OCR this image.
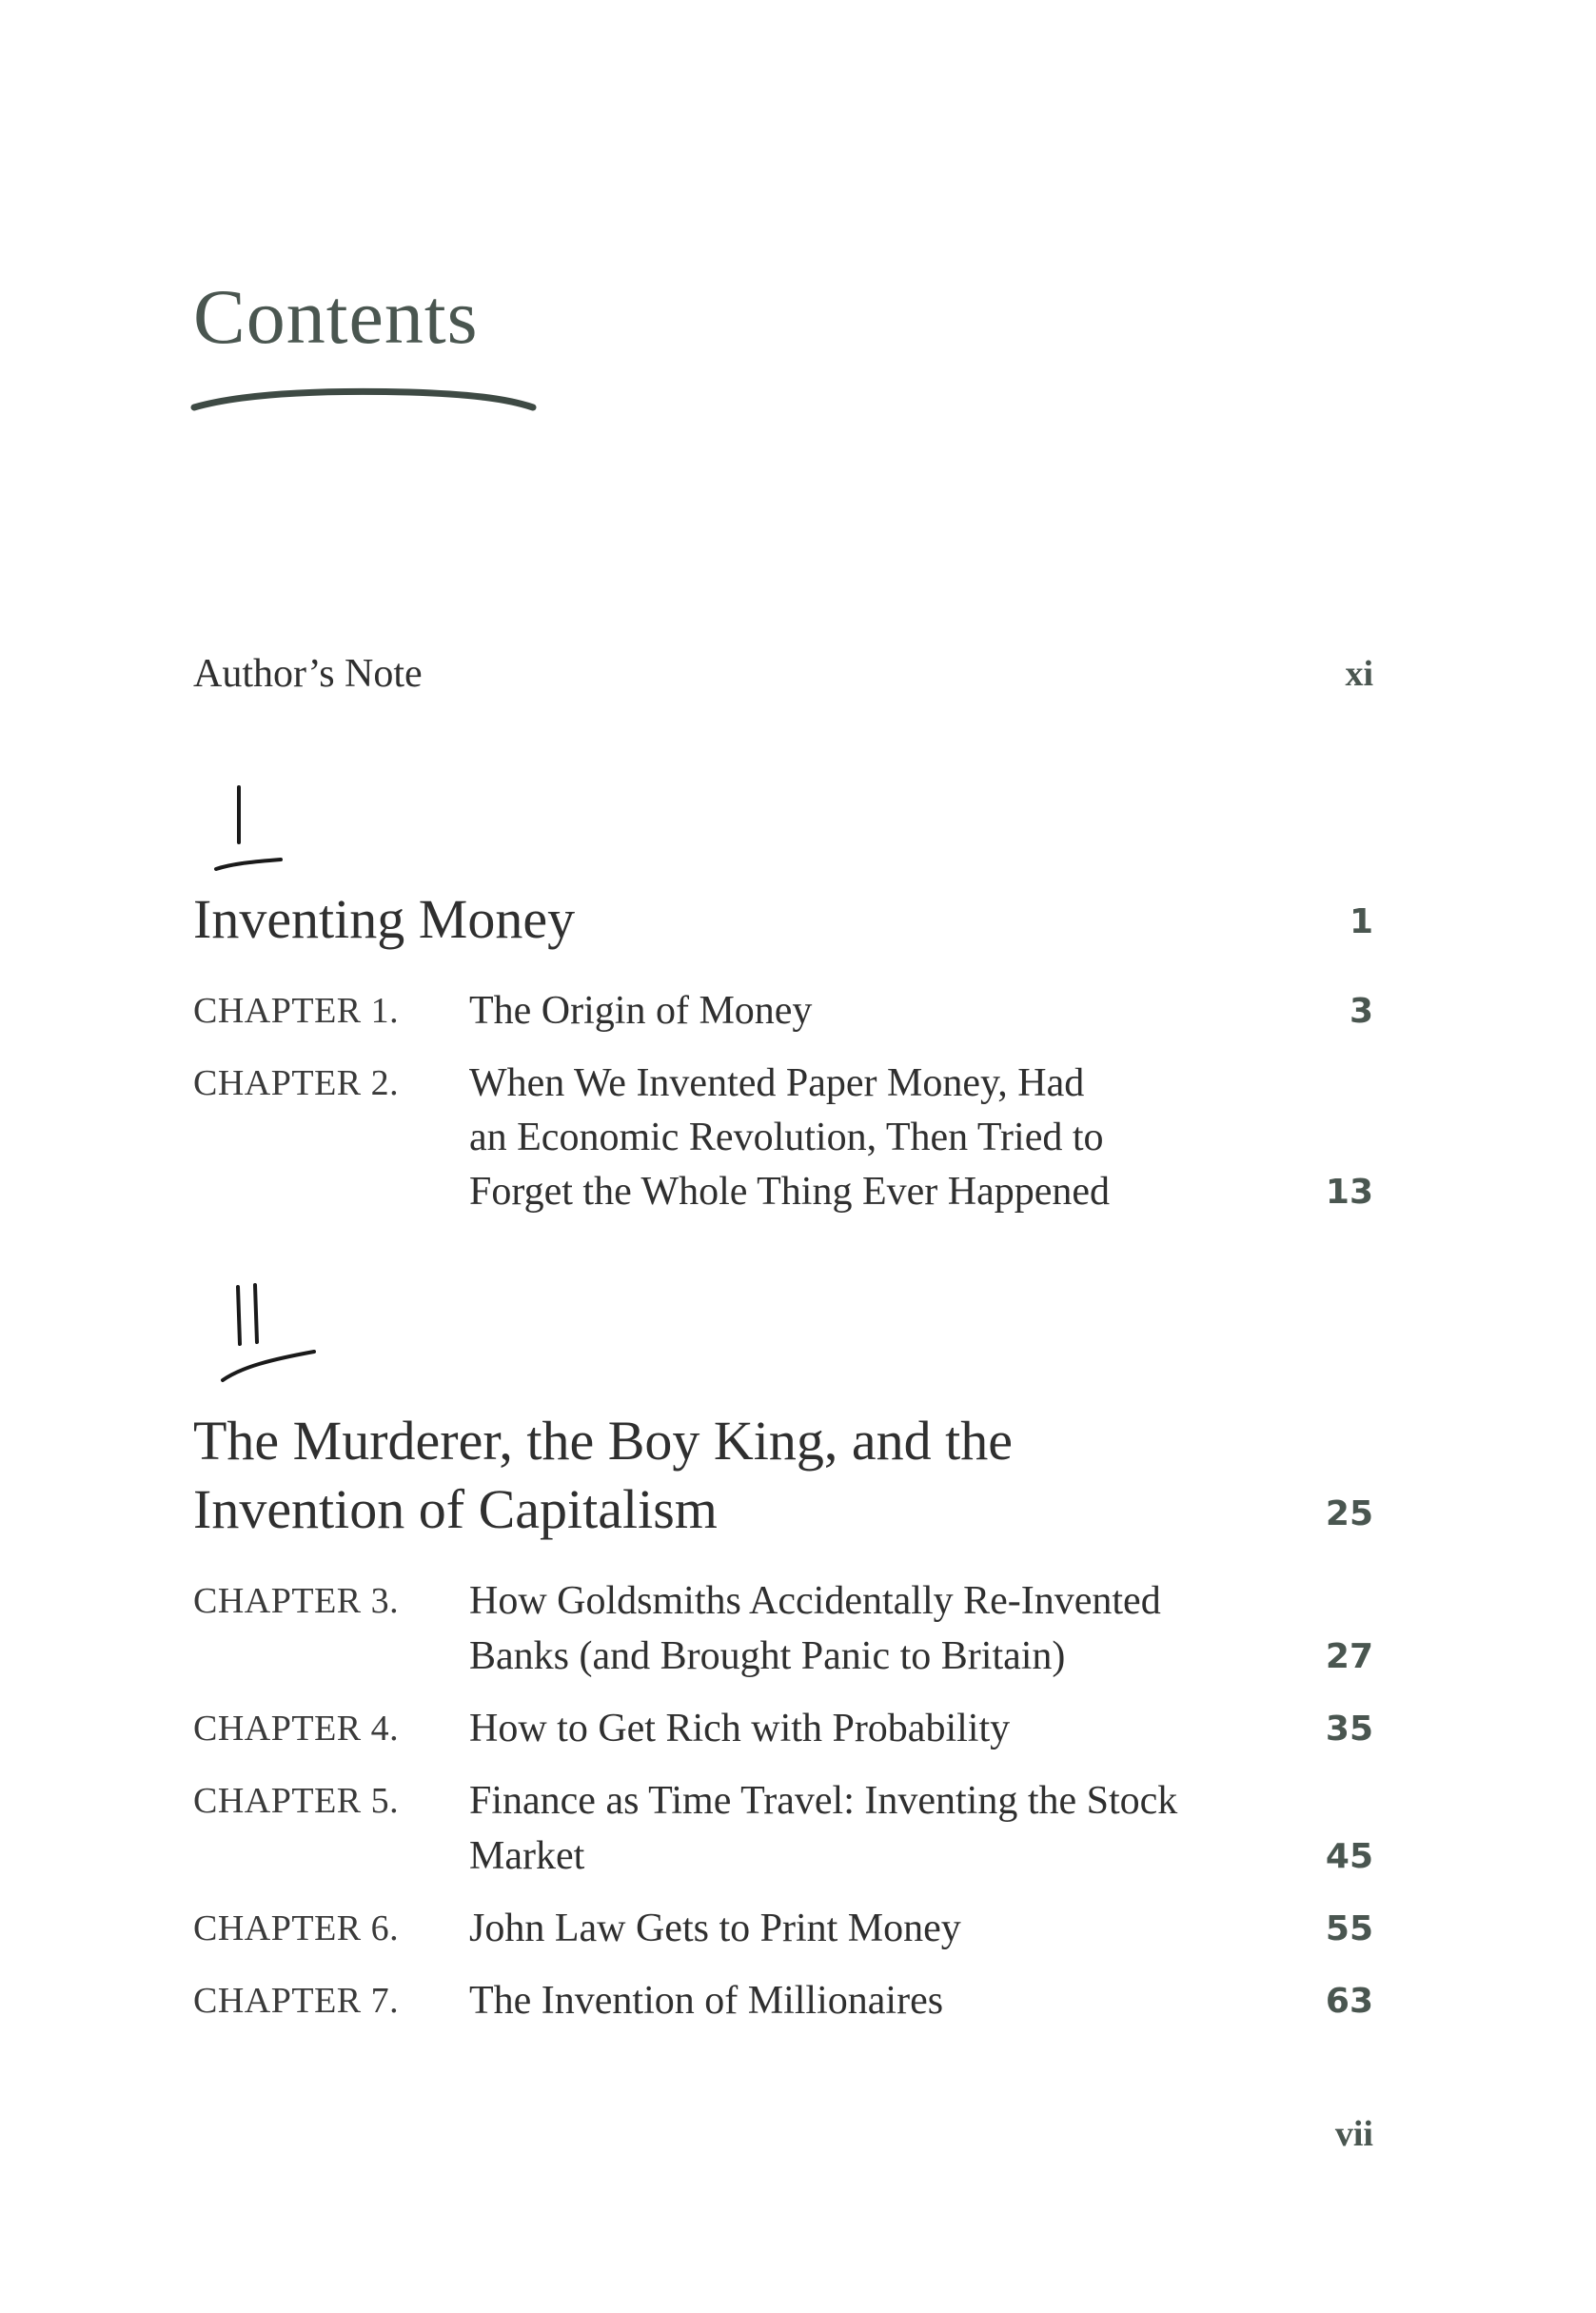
Contents
Author’s Note	xi
Inventing Money	1
CHAPTER 1. The Origin of Money	3
CHAPTER 2. When We Invented Paper Money, Had
an Economic Revolution, Then Tried to
Forget the Whole Thing Ever Happened	13
The Murderer, the Boy King, and the
Invention of Capitalism	25
CHAPTER 3. How Goldsmiths Accidentally Re-Invented
Banks (and Brought Panic to Britain)	27
CHAPTER 4. How to Get Rich with Probability	35
CHAPTER 5. Finance as Time Travel: Inventing the Stock
Market	45
CHAPTER 6. John Law Gets to Print Money	55
CHAPTER 7. The Invention of Millionaires	63
vii
